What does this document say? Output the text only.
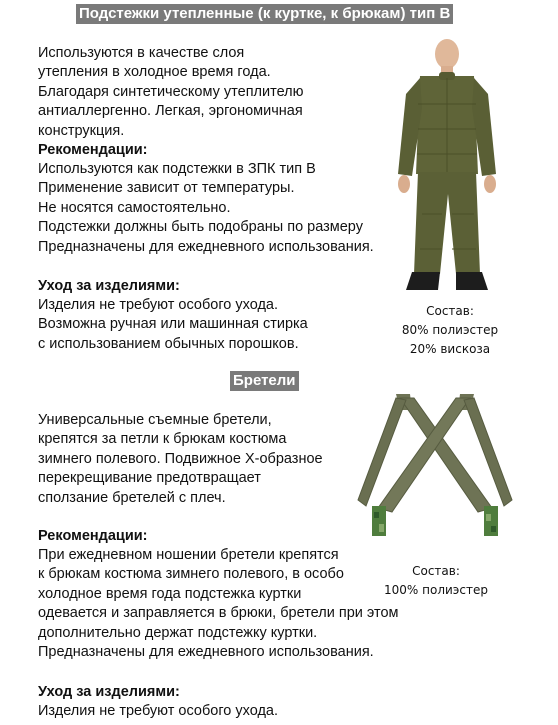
Подстежки утепленные (к куртке, к брюкам) тип В
Используются в качестве слоя
утепления в холодное время года.
Благодаря синтетическому утеплителю
антиаллергенно. Легкая, эргономичная
конструкция.
Рекомендации:
Используются как подстежки в ЗПК тип В
Применение зависит от температуры.
Не носятся самостоятельно.
Подстежки должны быть подобраны по размеру
Предназначены для ежедневного использования.
Уход за изделиями:
Изделия не требуют особого ухода.
Возможна ручная или машинная стирка
с использованием обычных порошков.
Состав:
80% полиэстер
20% вискоза
Бретели
Универсальные съемные бретели,
крепятся за петли к брюкам костюма
зимнего полевого. Подвижное Х-образное
перекрещивание предотвращает
сползание бретелей с плеч.
Рекомендации:
При ежедневном ношении бретели крепятся
к брюкам костюма зимнего полевого, в особо
холодное время года подстежка куртки
одевается и заправляется в брюки, бретели при этом
дополнительно держат подстежку куртки.
Предназначены для ежедневного использования.
Уход за изделиями:
Изделия не требуют особого ухода.
Состав:
100% полиэстер
